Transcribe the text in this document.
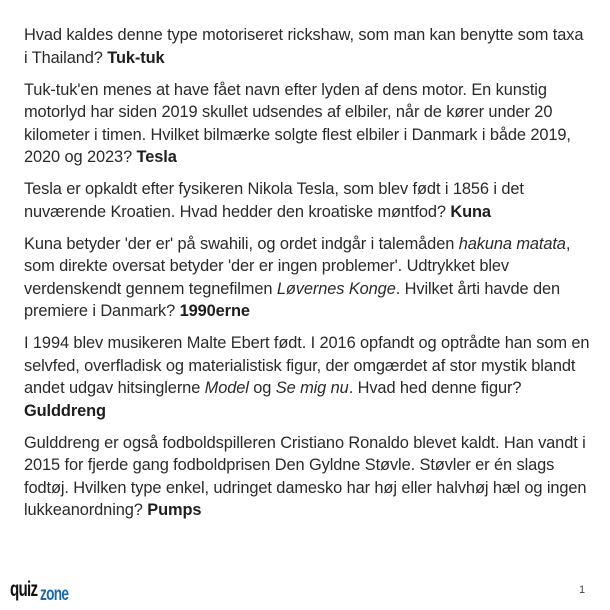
Hvad kaldes denne type motoriseret rickshaw, som man kan benytte som taxa i Thailand? Tuk-tuk

Tuk-tuk'en menes at have fået navn efter lyden af dens motor. En kunstig motorlyd har siden 2019 skullet udsendes af elbiler, når de kører under 20 kilometer i timen. Hvilket bilmærke solgte flest elbiler i Danmark i både 2019, 2020 og 2023? Tesla

Tesla er opkaldt efter fysikeren Nikola Tesla, som blev født i 1856 i det nuværende Kroatien. Hvad hedder den kroatiske møntfod? Kuna

Kuna betyder 'der er' på swahili, og ordet indgår i talemåden hakuna matata, som direkte oversat betyder 'der er ingen problemer'. Udtrykket blev verdenskendt gennem tegnefilmen Løvernes Konge. Hvilket årti havde den premiere i Danmark? 1990erne

I 1994 blev musikeren Malte Ebert født. I 2016 opfandt og optrådte han som en selvfed, overfladisk og materialistisk figur, der omgærdet af stor mystik blandt andet udgav hitsinglerne Model og Se mig nu. Hvad hed denne figur? Gulddreng

Gulddreng er også fodboldspilleren Cristiano Ronaldo blevet kaldt. Han vandt i 2015 for fjerde gang fodboldprisen Den Gyldne Støvle. Støvler er én slags fodtøj. Hvilken type enkel, udringet damesko har høj eller halvhøj hæl og ingen lukkeanordning? Pumps

quiz zone	1
